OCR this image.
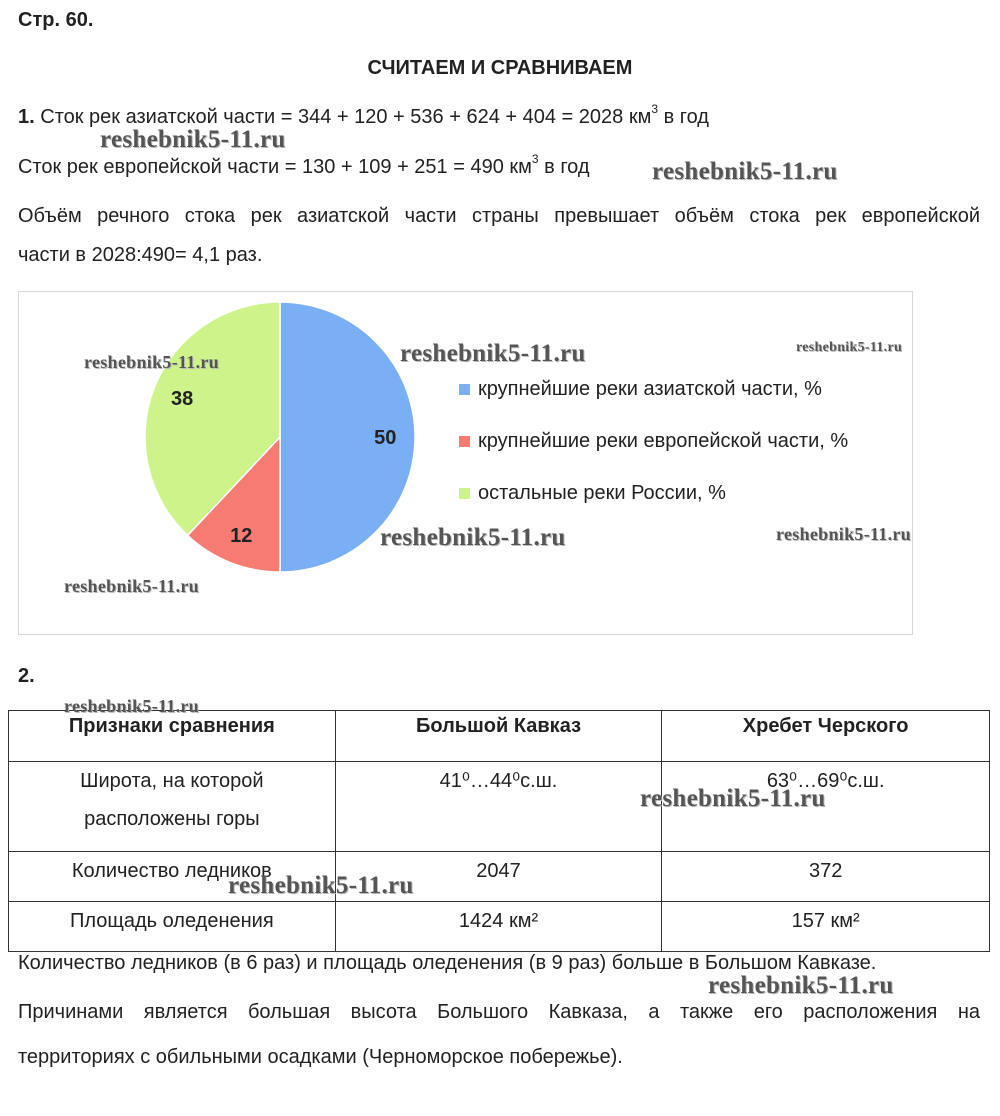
Стр. 60.
СЧИТАЕМ И СРАВНИВАЕМ
1. Сток рек азиатской части = 344 + 120 + 536 + 624 + 404 = 2028 $км^3$ в год
Сток рек европейской части = 130 + 109 + 251 = 490 $км^3$ в год
Объём речного стока рек азиатской части страны превышает объём стока рек европейской
части в 2028:490= 4,1 раз.
50
12
38	крупнейшие реки азиатской части, %
крупнейшие реки европейской части, %
остальные реки России, %
2.
Признаки сравнения	Большой Кавказ	Хребет Черского

Широта, на которой
расположены горы	41⁰…44⁰с.ш.	63⁰…69⁰с.ш.
Количество ледников	2047	372
Площадь оледенения	1424 км²	157 км²
Количество ледников (в 6 раз) и площадь оледенения (в 9 раз) больше в Большом Кавказе.
Причинами является большая высота Большого Кавказа, а также его расположения на
территориях с обильными осадками (Черноморское побережье).
reshebnik5-11.ru
reshebnik5-11.ru
reshebnik5-11.ru	reshebnik5-11.ru	reshebnik5-11.ru
reshebnik5-11.ru	reshebnik5-11.ru
reshebnik5-11.ru
reshebnik5-11.ru
reshebnik5-11.ru
reshebnik5-11.ru
reshebnik5-11.ru
